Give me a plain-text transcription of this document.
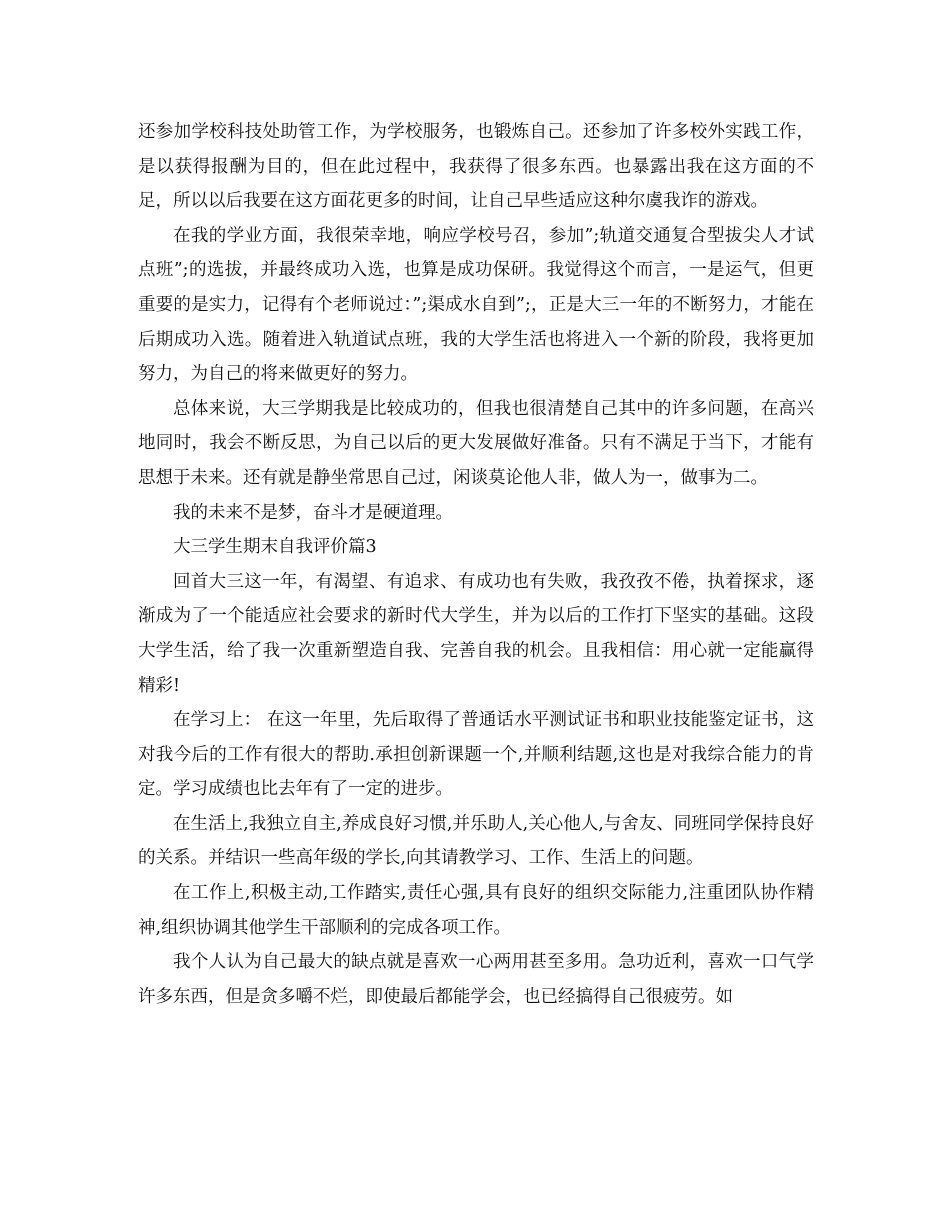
还参加学校科技处助管工作，为学校服务，也锻炼自己。还参加了许多校外实践工作，是以获得报酬为目的，但在此过程中，我获得了很多东西。也暴露出我在这方面的不足，所以以后我要在这方面花更多的时间，让自己早些适应这种尔虞我诈的游戏。

在我的学业方面，我很荣幸地，响应学校号召，参加”;轨道交通复合型拔尖人才试点班”;的选拔，并最终成功入选，也算是成功保研。我觉得这个而言，一是运气，但更重要的是实力，记得有个老师说过：”;渠成水自到”;，正是大三一年的不断努力，才能在后期成功入选。随着进入轨道试点班，我的大学生活也将进入一个新的阶段，我将更加努力，为自己的将来做更好的努力。

总体来说，大三学期我是比较成功的，但我也很清楚自己其中的许多问题，在高兴地同时，我会不断反思，为自己以后的更大发展做好准备。只有不满足于当下，才能有思想于未来。还有就是静坐常思自己过，闲谈莫论他人非，做人为一，做事为二。

我的未来不是梦，奋斗才是硬道理。

大三学生期末自我评价篇3

回首大三这一年，有渴望、有追求、有成功也有失败，我孜孜不倦，执着探求，逐渐成为了一个能适应社会要求的新时代大学生，并为以后的工作打下坚实的基础。这段大学生活，给了我一次重新塑造自我、完善自我的机会。且我相信：用心就一定能赢得精彩!

在学习上： 在这一年里，先后取得了普通话水平测试证书和职业技能鉴定证书，这对我今后的工作有很大的帮助.承担创新课题一个,并顺利结题,这也是对我综合能力的肯定。学习成绩也比去年有了一定的进步。

在生活上,我独立自主,养成良好习惯,并乐助人,关心他人,与舍友、同班同学保持良好的关系。并结识一些高年级的学长,向其请教学习、工作、生活上的问题。

在工作上,积极主动,工作踏实,责任心强,具有良好的组织交际能力,注重团队协作精神,组织协调其他学生干部顺利的完成各项工作。

我个人认为自己最大的缺点就是喜欢一心两用甚至多用。急功近利，喜欢一口气学许多东西，但是贪多嚼不烂，即使最后都能学会，也已经搞得自己很疲劳。如
